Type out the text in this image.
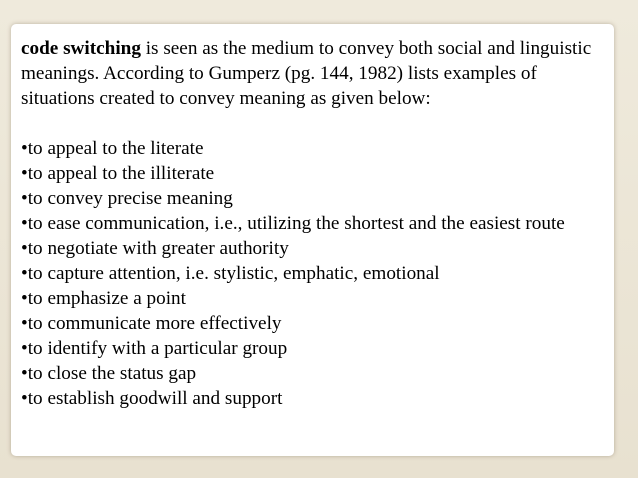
code switching is seen as the medium to convey both social and linguistic meanings. According to Gumperz (pg. 144, 1982) lists examples of situations created to convey meaning as given below:

•to appeal to the literate
•to appeal to the illiterate
•to convey precise meaning
•to ease communication, i.e., utilizing the shortest and the easiest route
•to negotiate with greater authority
•to capture attention, i.e. stylistic, emphatic, emotional
•to emphasize a point
•to communicate more effectively
•to identify with a particular group
•to close the status gap
•to establish goodwill and support
